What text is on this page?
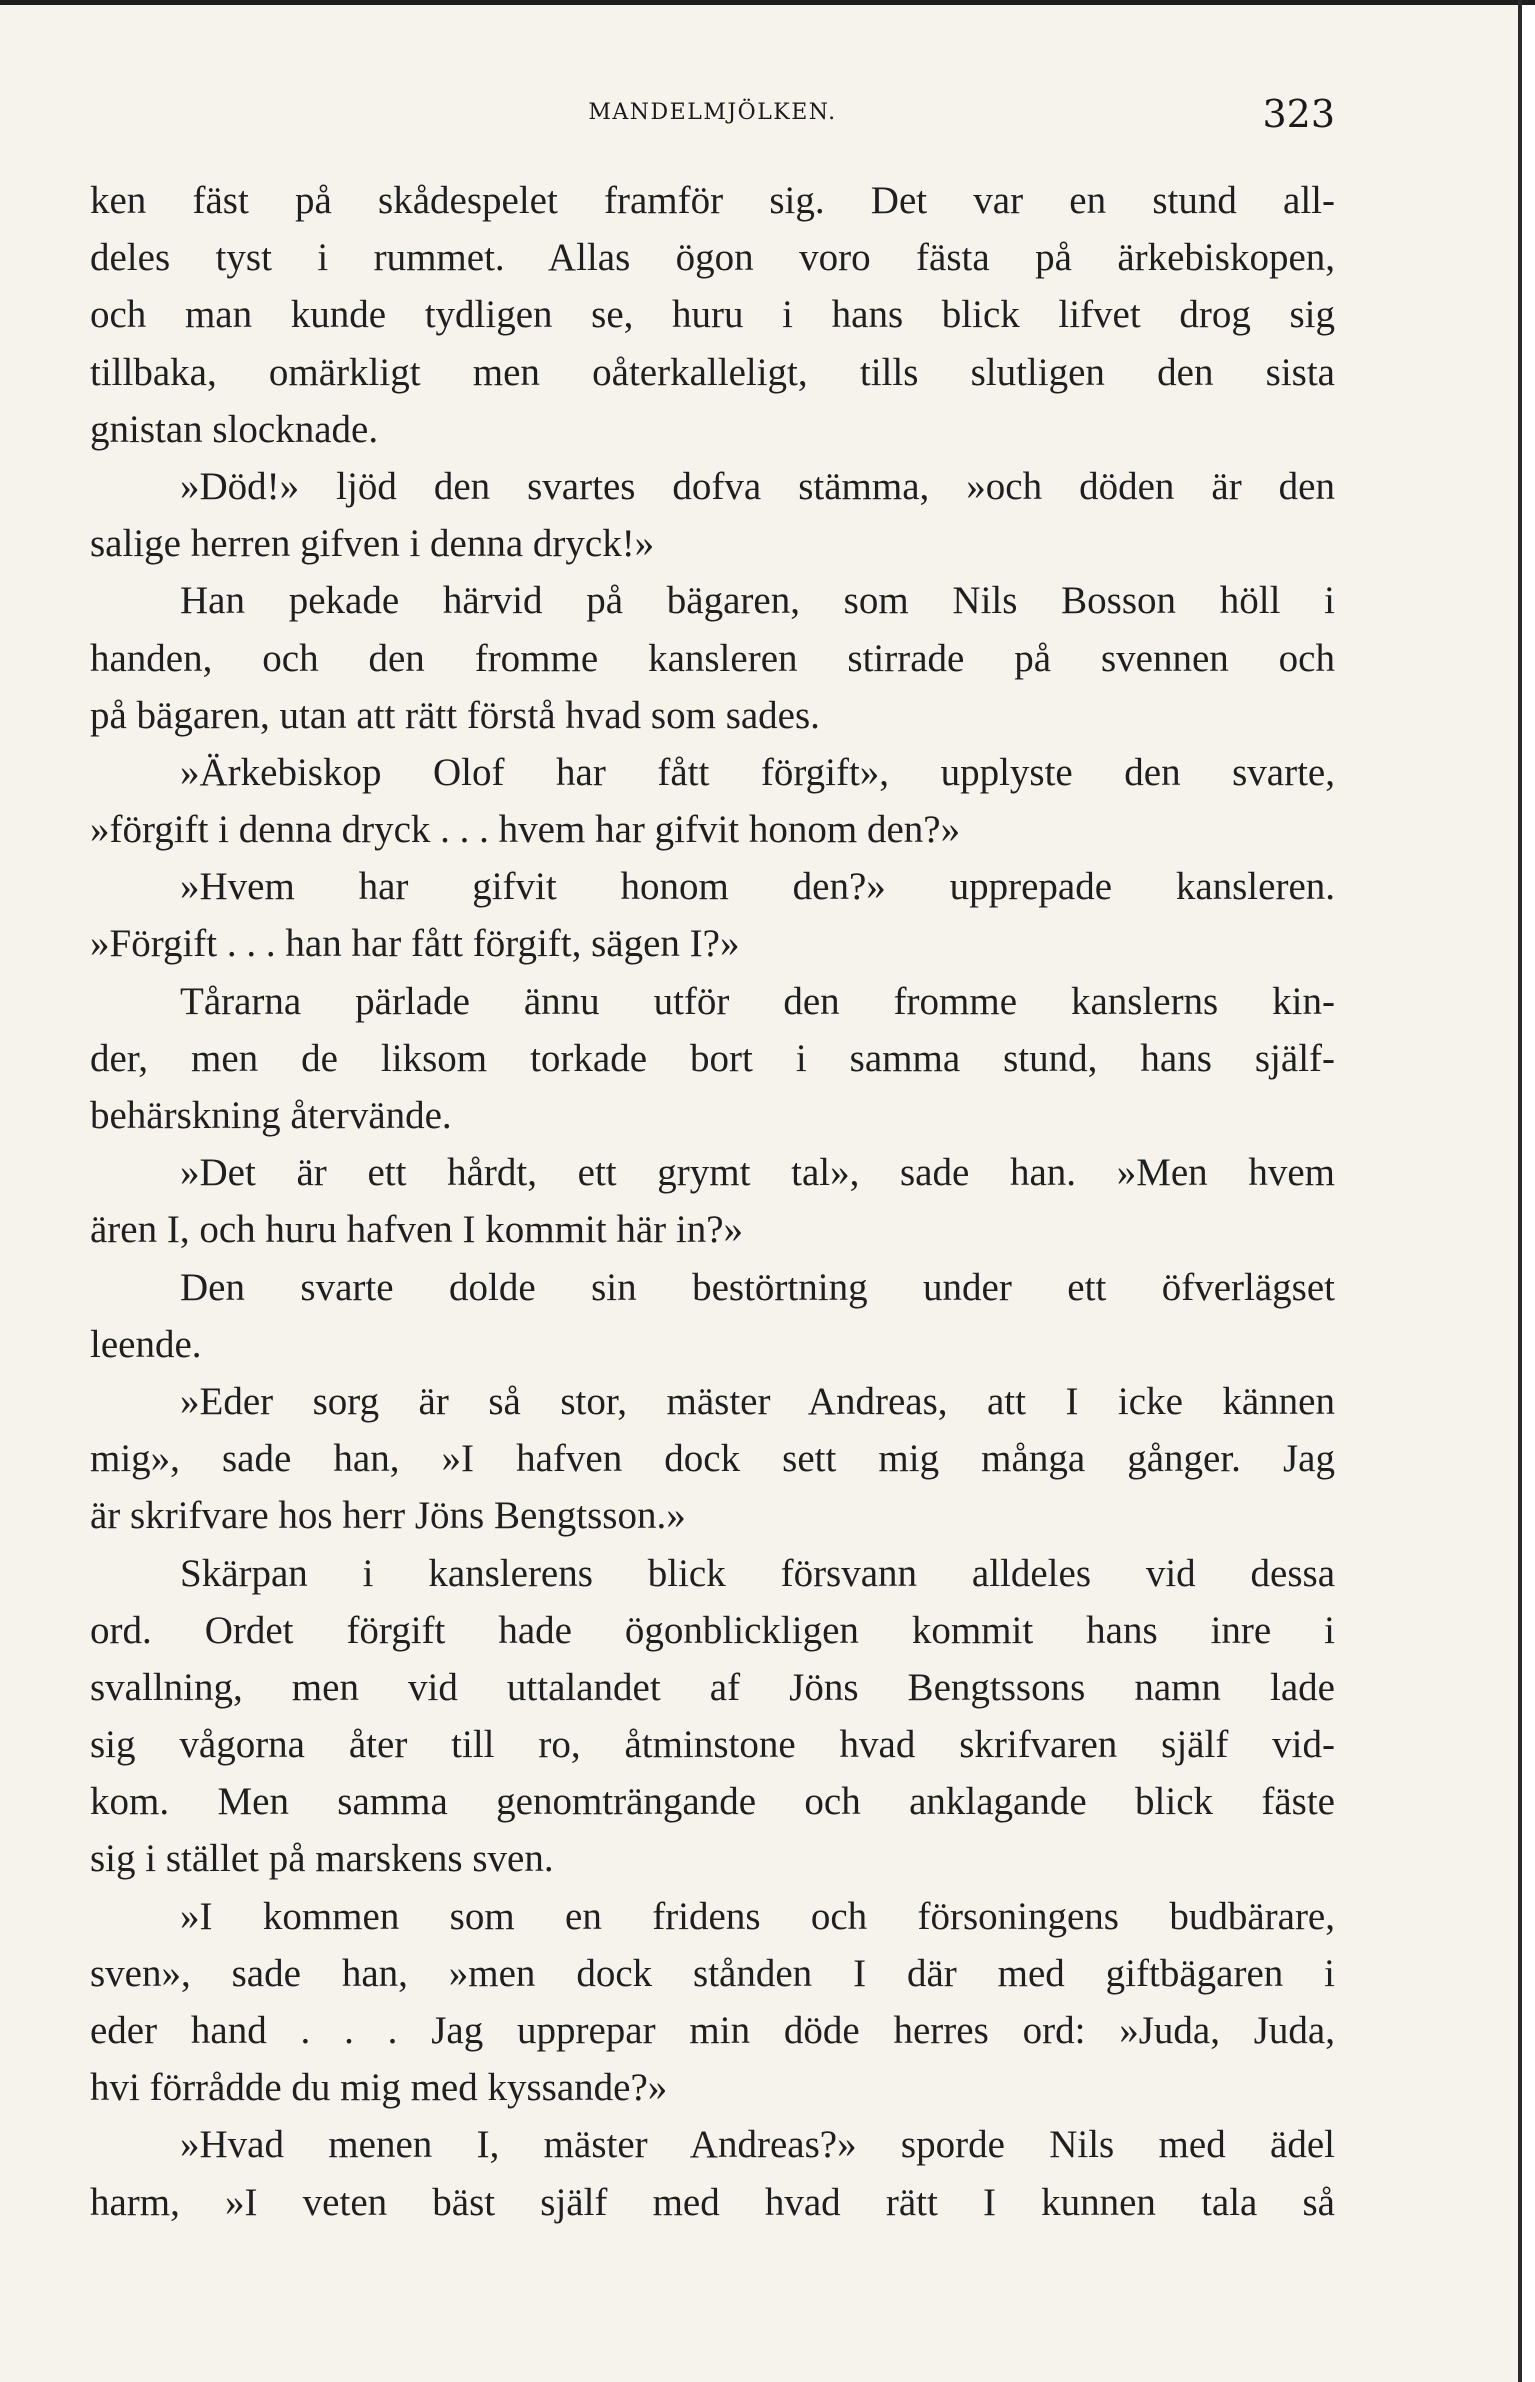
MANDELMJÖLKEN.	323
ken fäst på skådespelet framför sig. Det var en stund all-
deles tyst i rummet. Allas ögon voro fästa på ärkebiskopen,
och man kunde tydligen se, huru i hans blick lifvet drog sig
tillbaka, omärkligt men oåterkalleligt, tills slutligen den sista
gnistan slocknade.
»Död!» ljöd den svartes dofva stämma, »och döden är den
salige herren gifven i denna dryck!»
Han pekade härvid på bägaren, som Nils Bosson höll i
handen, och den fromme kansleren stirrade på svennen och
på bägaren, utan att rätt förstå hvad som sades.
»Ärkebiskop Olof har fått förgift», upplyste den svarte,
»förgift i denna dryck . . . hvem har gifvit honom den?»
»Hvem har gifvit honom den?» upprepade kansleren.
»Förgift . . . han har fått förgift, sägen I?»
Tårarna pärlade ännu utför den fromme kanslerns kin-
der, men de liksom torkade bort i samma stund, hans själf-
behärskning återvände.
»Det är ett hårdt, ett grymt tal», sade han. »Men hvem
ären I, och huru hafven I kommit här in?»
Den svarte dolde sin bestörtning under ett öfverlägset
leende.
»Eder sorg är så stor, mäster Andreas, att I icke kännen
mig», sade han, »I hafven dock sett mig många gånger. Jag
är skrifvare hos herr Jöns Bengtsson.»
Skärpan i kanslerens blick försvann alldeles vid dessa
ord. Ordet förgift hade ögonblickligen kommit hans inre i
svallning, men vid uttalandet af Jöns Bengtssons namn lade
sig vågorna åter till ro, åtminstone hvad skrifvaren själf vid-
kom. Men samma genomträngande och anklagande blick fäste
sig i stället på marskens sven.
»I kommen som en fridens och försoningens budbärare,
sven», sade han, »men dock stånden I där med giftbägaren i
eder hand . . . Jag upprepar min döde herres ord: »Juda, Juda,
hvi förrådde du mig med kyssande?»
»Hvad menen I, mäster Andreas?» sporde Nils med ädel
harm, »I veten bäst själf med hvad rätt I kunnen tala så
